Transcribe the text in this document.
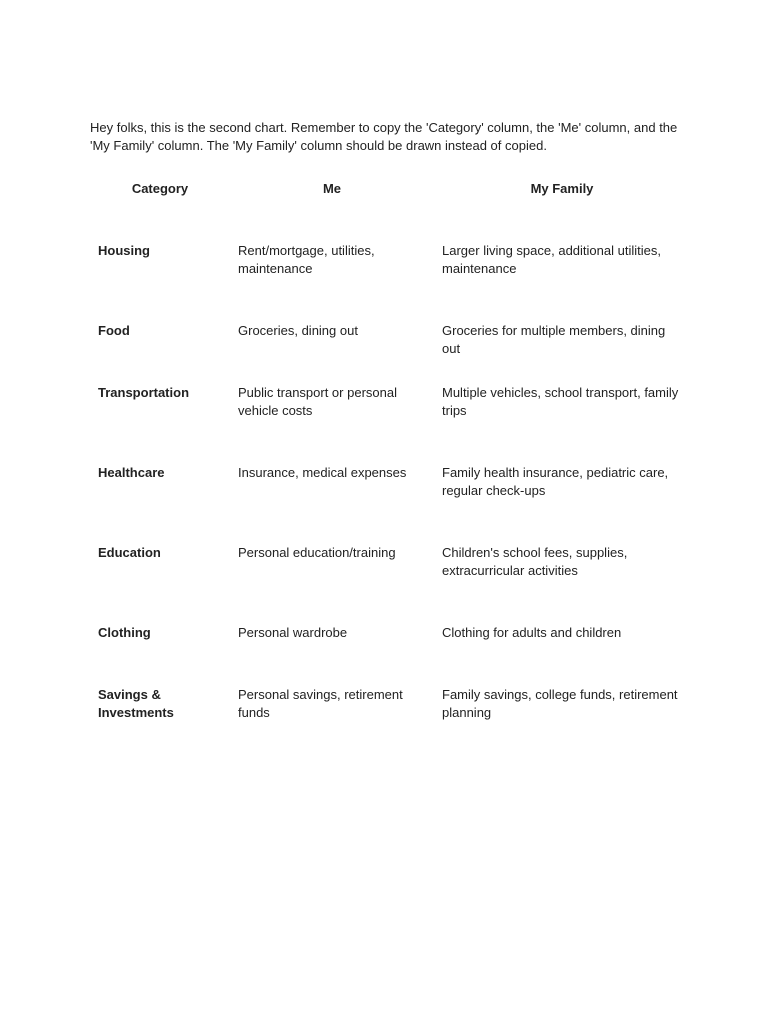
Hey folks, this is the second chart. Remember to copy the 'Category' column, the 'Me' column, and the 'My Family' column. The 'My Family' column should be drawn instead of copied.

Category	Me	My Family

Housing	Rent/mortgage, utilities, maintenance	Larger living space, additional utilities, maintenance

Food	Groceries, dining out	Groceries for multiple members, dining out

Transportation	Public transport or personal vehicle costs	Multiple vehicles, school transport, family trips

Healthcare	Insurance, medical expenses	Family health insurance, pediatric care, regular check-ups

Education	Personal education/training	Children's school fees, supplies, extracurricular activities

Clothing	Personal wardrobe	Clothing for adults and children

Savings & Investments	Personal savings, retirement funds	Family savings, college funds, retirement planning
